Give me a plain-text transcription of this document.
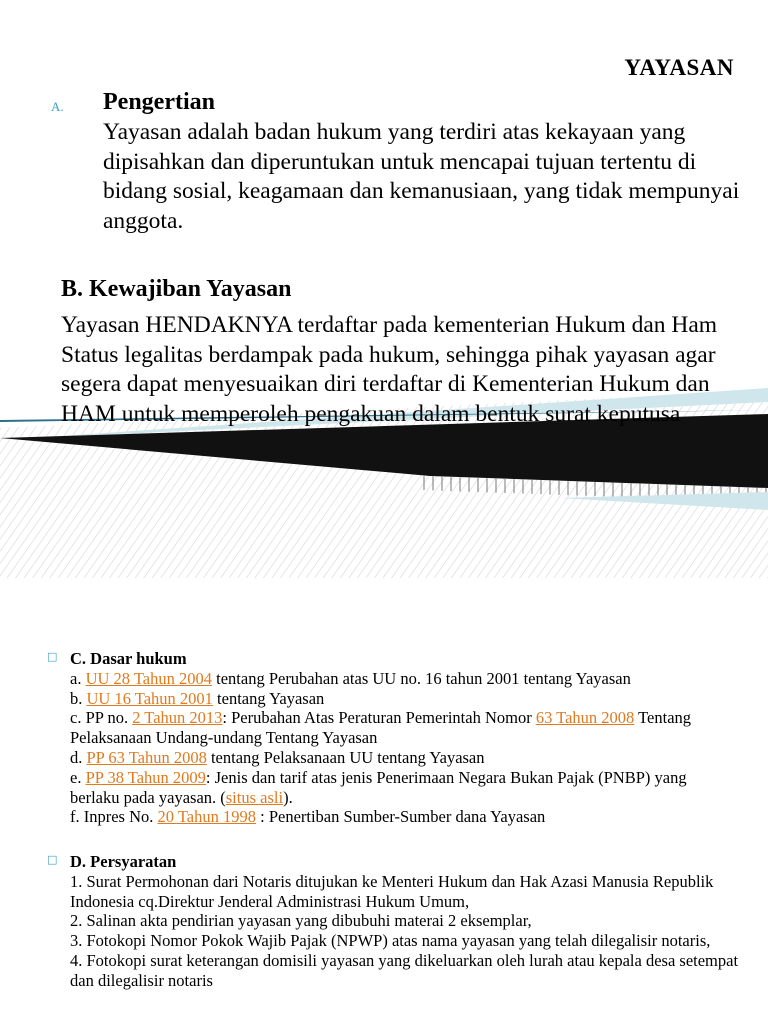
YAYASAN
A. Pengertian
Yayasan adalah badan hukum yang terdiri atas kekayaan yang dipisahkan dan diperuntukan untuk mencapai tujuan tertentu di bidang sosial, keagamaan dan kemanusiaan, yang tidak mempunyai anggota.
B. Kewajiban Yayasan

Yayasan HENDAKNYA terdaftar pada kementerian Hukum dan Ham

Status legalitas berdampak pada hukum, sehingga pihak yayasan agar segera dapat menyesuaikan diri terdaftar di Kementerian Hukum dan HAM untuk memperoleh pengakuan dalam bentuk surat keputusa

□ C. Dasar hukum
a. UU 28 Tahun 2004 tentang Perubahan atas UU no. 16 tahun 2001 tentang Yayasan
b. UU 16 Tahun 2001 tentang Yayasan
c. PP no. 2 Tahun 2013: Perubahan Atas Peraturan Pemerintah Nomor 63 Tahun 2008 Tentang Pelaksanaan Undang-undang Tentang Yayasan
d. PP 63 Tahun 2008 tentang Pelaksanaan UU tentang Yayasan
e. PP 38 Tahun 2009: Jenis dan tarif atas jenis Penerimaan Negara Bukan Pajak (PNBP) yang berlaku pada yayasan. (situs asli).
f. Inpres No. 20 Tahun 1998 : Penertiban Sumber-Sumber dana Yayasan
□ D. Persyaratan
1. Surat Permohonan dari Notaris ditujukan ke Menteri Hukum dan Hak Azasi Manusia Republik Indonesia cq.Direktur Jenderal Administrasi Hukum Umum,
2. Salinan akta pendirian yayasan yang dibubuhi materai 2 eksemplar,
3. Fotokopi Nomor Pokok Wajib Pajak (NPWP) atas nama yayasan yang telah dilegalisir notaris,
4. Fotokopi surat keterangan domisili yayasan yang dikeluarkan oleh lurah atau kepala desa setempat dan dilegalisir notaris
